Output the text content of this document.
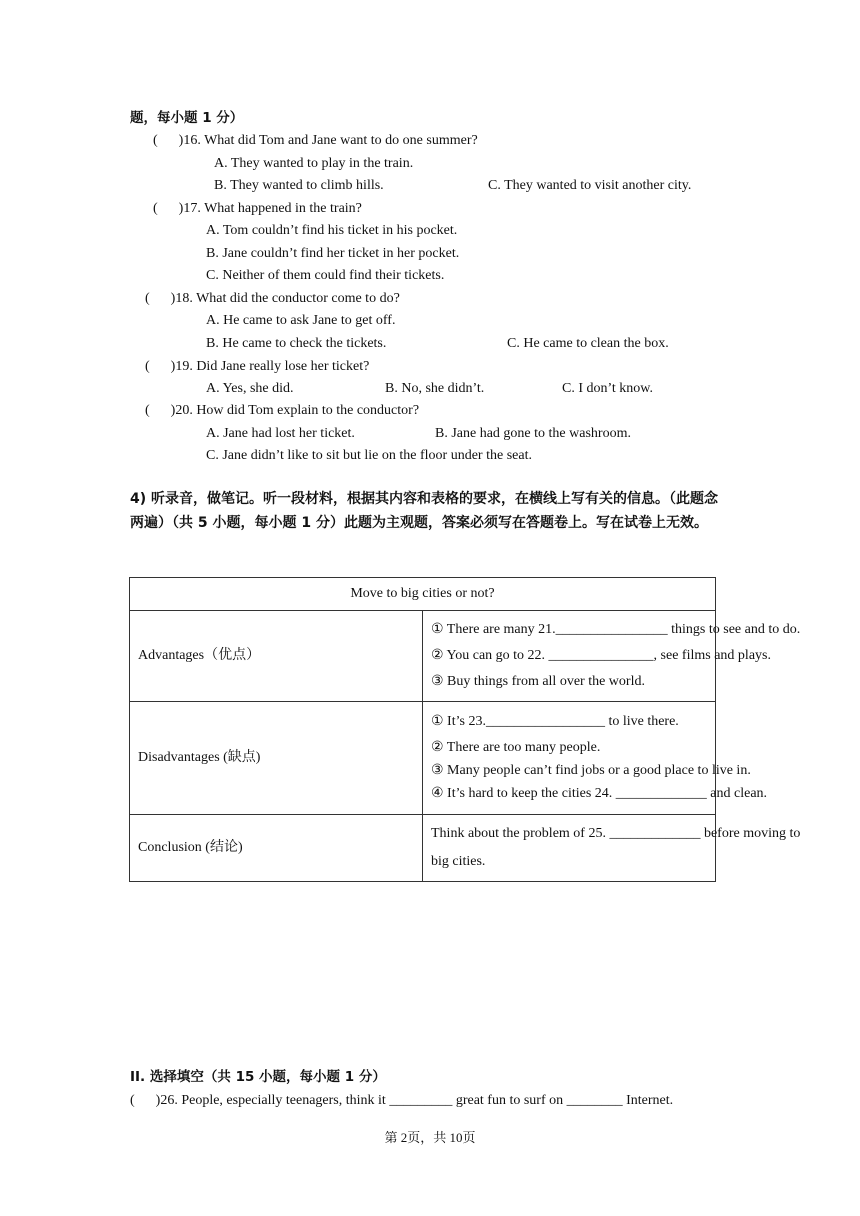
题，每小题 1 分）
(      )16. What did Tom and Jane want to do one summer?
A. They wanted to play in the train.
B. They wanted to climb hills.	C. They wanted to visit another city.
(      )17. What happened in the train?
A. Tom couldn’t find his ticket in his pocket.
B. Jane couldn’t find her ticket in her pocket.
C. Neither of them could find their tickets.
(      )18. What did the conductor come to do?
A. He came to ask Jane to get off.
B. He came to check the tickets.	C. He came to clean the box.
(      )19. Did Jane really lose her ticket?
A. Yes, she did.	B. No, she didn’t.	C. I don’t know.
(      )20. How did Tom explain to the conductor?
A. Jane had lost her ticket.	B. Jane had gone to the washroom.
C. Jane didn’t like to sit but lie on the floor under the seat.
4) 听录音，做笔记。听一段材料，根据其内容和表格的要求，在横线上写有关的信息。（此题念两遍）（共 5 小题，每小题 1 分）此题为主观题，答案必须写在答题卷上。写在试卷上无效。
Move to big cities or not?	
Advantages（优点）	① There are many 21.________________ things to see and to do.
② You can go to 22. _______________, see films and plays.
③ Buy things from all over the world.

Disadvantages (缺点)	① It’s 23._________________ to live there.
② There are too many people.
③ Many people can’t find jobs or a good place to live in.
④ It’s hard to keep the cities 24. _____________ and clean.

Conclusion (结论)	Think about the problem of 25. _____________ before moving to
big cities.
II. 选择填空（共 15 小题，每小题 1 分）
(      )26. People, especially teenagers, think it _________ great fun to surf on ________ Internet.
第 2页，共 10页
